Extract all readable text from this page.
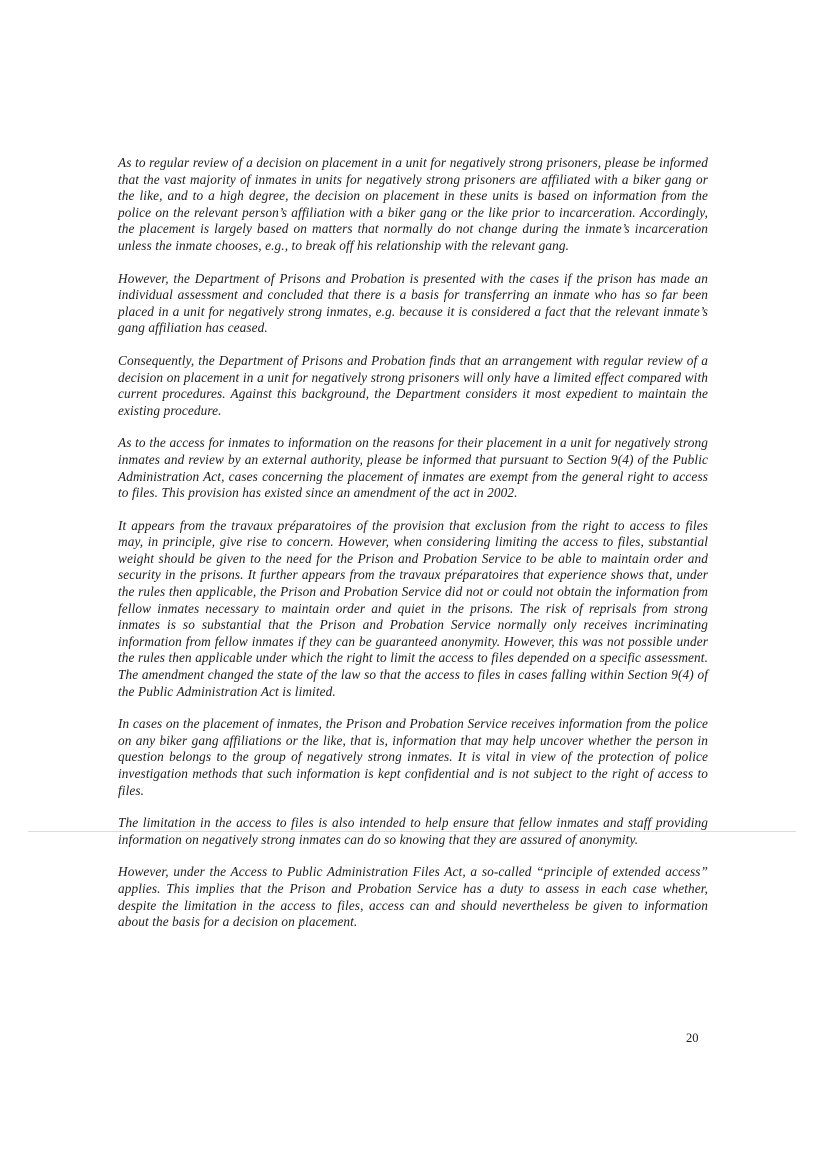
As to regular review of a decision on placement in a unit for negatively strong prisoners, please be informed that the vast majority of inmates in units for negatively strong prisoners are affiliated with a biker gang or the like, and to a high degree, the decision on placement in these units is based on information from the police on the relevant person’s affiliation with a biker gang or the like prior to incarceration. Accordingly, the placement is largely based on matters that normally do not change during the inmate’s incarceration unless the inmate chooses, e.g., to break off his relationship with the relevant gang.

However, the Department of Prisons and Probation is presented with the cases if the prison has made an individual assessment and concluded that there is a basis for transferring an inmate who has so far been placed in a unit for negatively strong inmates, e.g. because it is considered a fact that the relevant inmate’s gang affiliation has ceased.

Consequently, the Department of Prisons and Probation finds that an arrangement with regular review of a decision on placement in a unit for negatively strong prisoners will only have a limited effect compared with current procedures. Against this background, the Department considers it most expedient to maintain the existing procedure.

As to the access for inmates to information on the reasons for their placement in a unit for negatively strong inmates and review by an external authority, please be informed that pursuant to Section 9(4) of the Public Administration Act, cases concerning the placement of inmates are exempt from the general right to access to files. This provision has existed since an amendment of the act in 2002.

It appears from the travaux préparatoires of the provision that exclusion from the right to access to files may, in principle, give rise to concern. However, when considering limiting the access to files, substantial weight should be given to the need for the Prison and Probation Service to be able to maintain order and security in the prisons. It further appears from the travaux préparatoires that experience shows that, under the rules then applicable, the Prison and Probation Service did not or could not obtain the information from fellow inmates necessary to maintain order and quiet in the prisons. The risk of reprisals from strong inmates is so substantial that the Prison and Probation Service normally only receives incriminating information from fellow inmates if they can be guaranteed anonymity. However, this was not possible under the rules then applicable under which the right to limit the access to files depended on a specific assessment. The amendment changed the state of the law so that the access to files in cases falling within Section 9(4) of the Public Administration Act is limited.

In cases on the placement of inmates, the Prison and Probation Service receives information from the police on any biker gang affiliations or the like, that is, information that may help uncover whether the person in question belongs to the group of negatively strong inmates. It is vital in view of the protection of police investigation methods that such information is kept confidential and is not subject to the right of access to files.

The limitation in the access to files is also intended to help ensure that fellow inmates and staff providing information on negatively strong inmates can do so knowing that they are assured of anonymity.

However, under the Access to Public Administration Files Act, a so-called “principle of extended access” applies. This implies that the Prison and Probation Service has a duty to assess in each case whether, despite the limitation in the access to files, access can and should nevertheless be given to information about the basis for a decision on placement.

20
